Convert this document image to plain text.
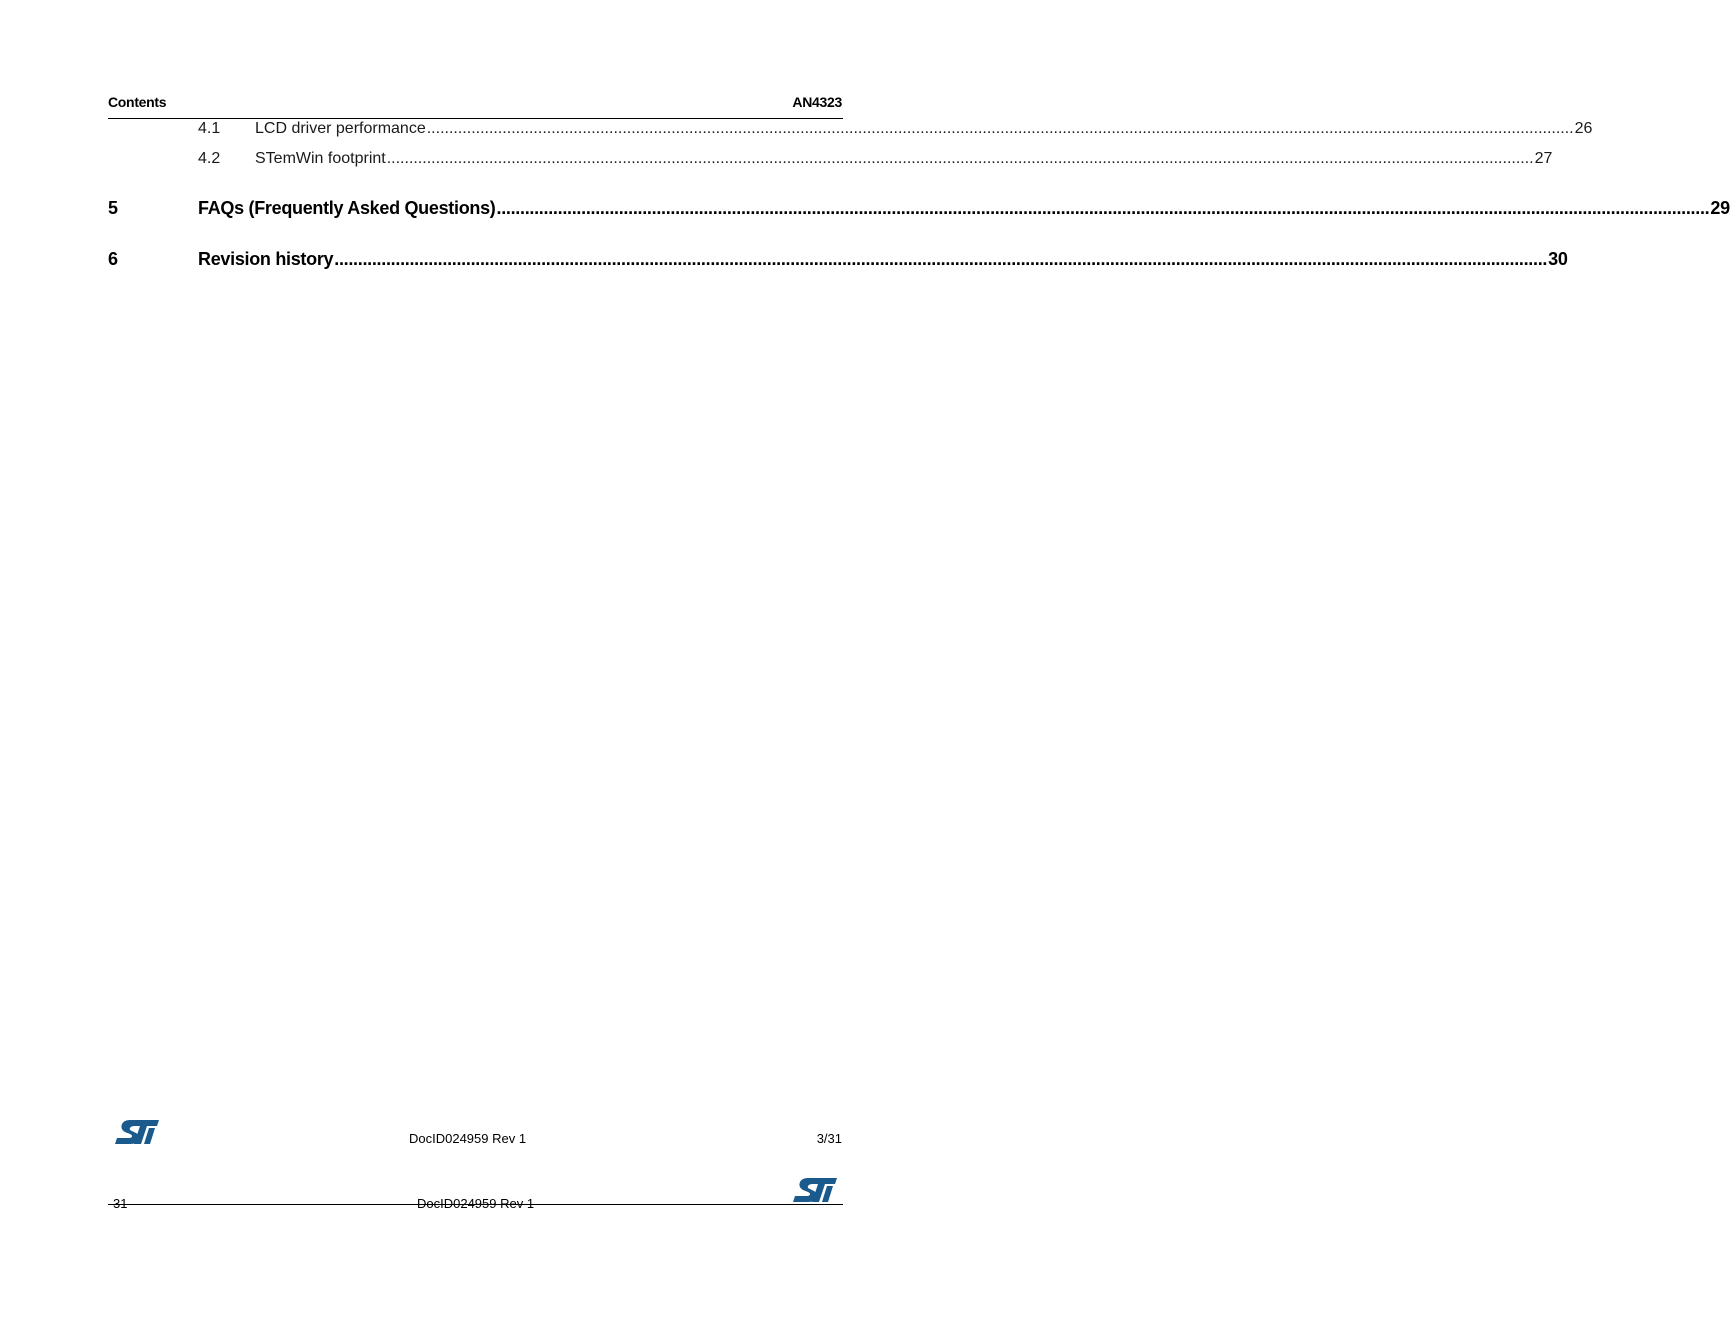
Contents	AN4323
4.1	LCD driver performance .....	26
4.2	STemWin footprint .....	27
5	FAQs (Frequently Asked Questions) .....	29
6	Revision history .....	30
DocID024959 Rev 1	3/31
31	DocID024959 Rev 1
